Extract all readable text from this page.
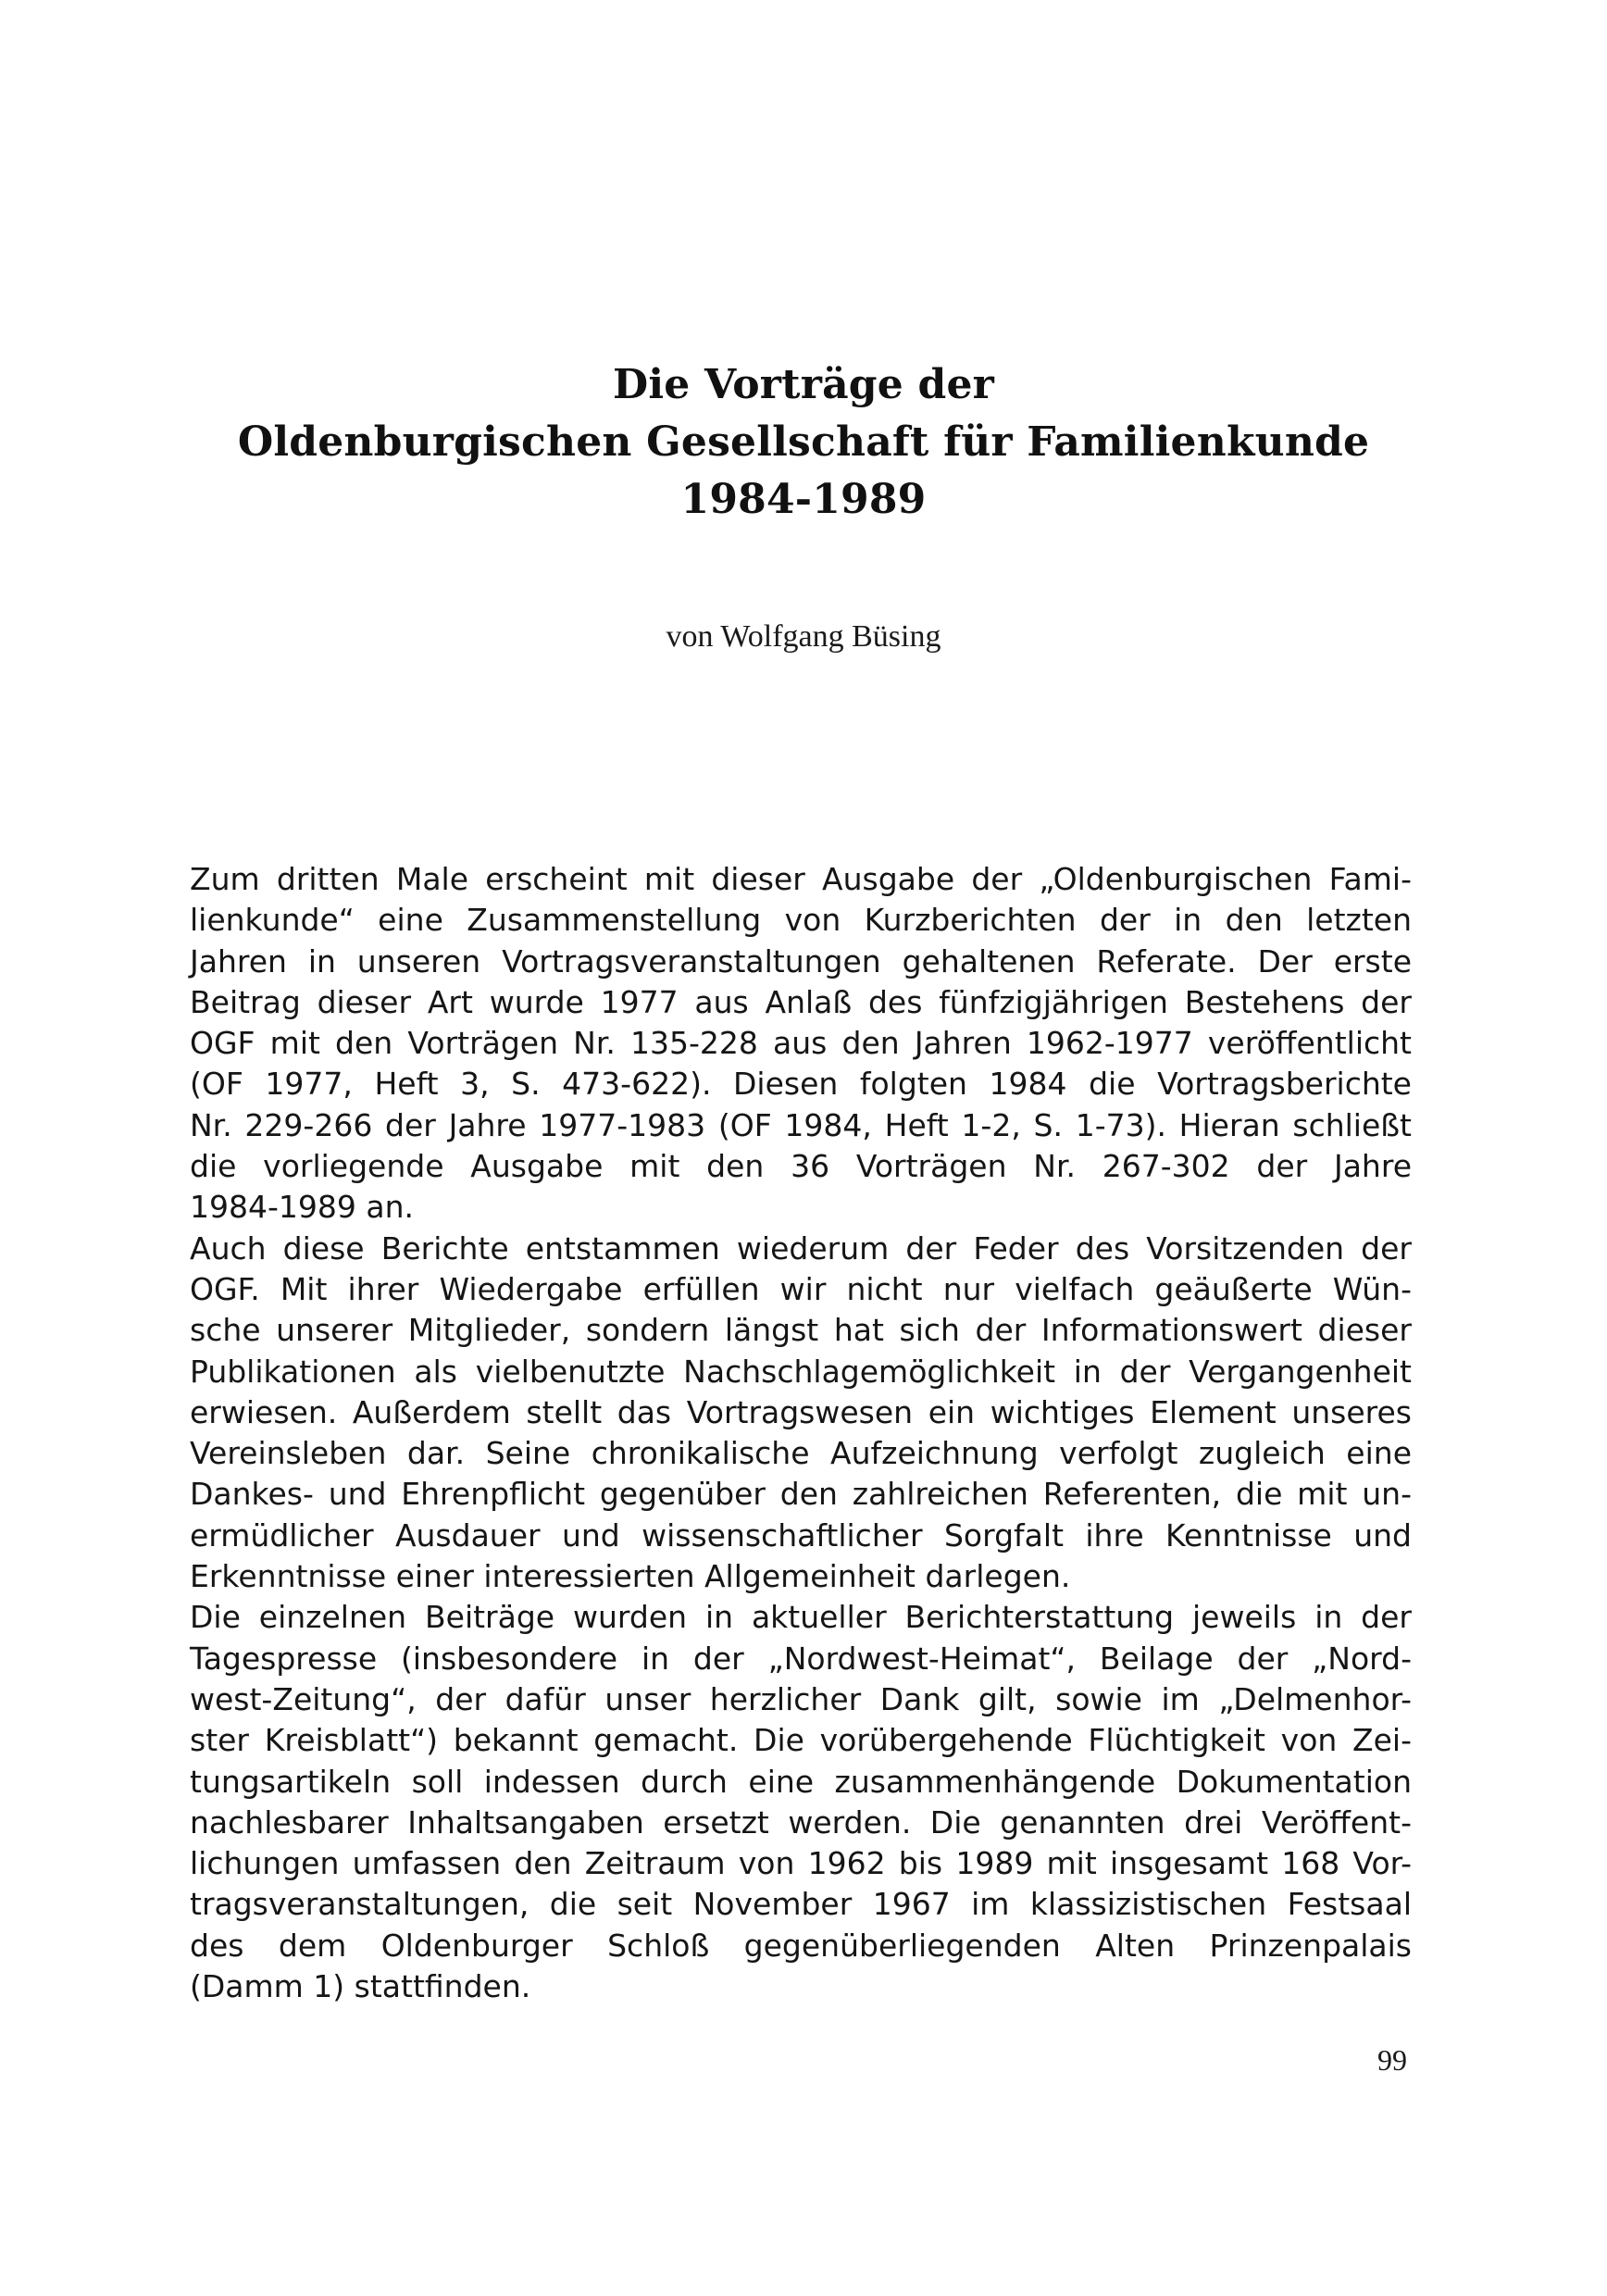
Die Vorträge der
Oldenburgischen Gesellschaft für Familienkunde
1984-1989
von Wolfgang Büsing
Zum dritten Male erscheint mit dieser Ausgabe der „Oldenburgischen Fami-
lienkunde“ eine Zusammenstellung von Kurzberichten der in den letzten
Jahren in unseren Vortragsveranstaltungen gehaltenen Referate. Der erste
Beitrag dieser Art wurde 1977 aus Anlaß des fünfzigjährigen Bestehens der
OGF mit den Vorträgen Nr. 135-228 aus den Jahren 1962-1977 veröffentlicht
(OF 1977, Heft 3, S. 473-622). Diesen folgten 1984 die Vortragsberichte
Nr. 229-266 der Jahre 1977-1983 (OF 1984, Heft 1-2, S. 1-73). Hieran schließt
die vorliegende Ausgabe mit den 36 Vorträgen Nr. 267-302 der Jahre
1984-1989 an.
Auch diese Berichte entstammen wiederum der Feder des Vorsitzenden der
OGF. Mit ihrer Wiedergabe erfüllen wir nicht nur vielfach geäußerte Wün-
sche unserer Mitglieder, sondern längst hat sich der Informationswert dieser
Publikationen als vielbenutzte Nachschlagemöglichkeit in der Vergangenheit
erwiesen. Außerdem stellt das Vortragswesen ein wichtiges Element unseres
Vereinsleben dar. Seine chronikalische Aufzeichnung verfolgt zugleich eine
Dankes- und Ehrenpflicht gegenüber den zahlreichen Referenten, die mit un-
ermüdlicher Ausdauer und wissenschaftlicher Sorgfalt ihre Kenntnisse und
Erkenntnisse einer interessierten Allgemeinheit darlegen.
Die einzelnen Beiträge wurden in aktueller Berichterstattung jeweils in der
Tagespresse (insbesondere in der „Nordwest-Heimat“, Beilage der „Nord-
west-Zeitung“, der dafür unser herzlicher Dank gilt, sowie im „Delmenhor-
ster Kreisblatt“) bekannt gemacht. Die vorübergehende Flüchtigkeit von Zei-
tungsartikeln soll indessen durch eine zusammenhängende Dokumentation
nachlesbarer Inhaltsangaben ersetzt werden. Die genannten drei Veröffent-
lichungen umfassen den Zeitraum von 1962 bis 1989 mit insgesamt 168 Vor-
tragsveranstaltungen, die seit November 1967 im klassizistischen Festsaal
des dem Oldenburger Schloß gegenüberliegenden Alten Prinzenpalais
(Damm 1) stattfinden.
99
